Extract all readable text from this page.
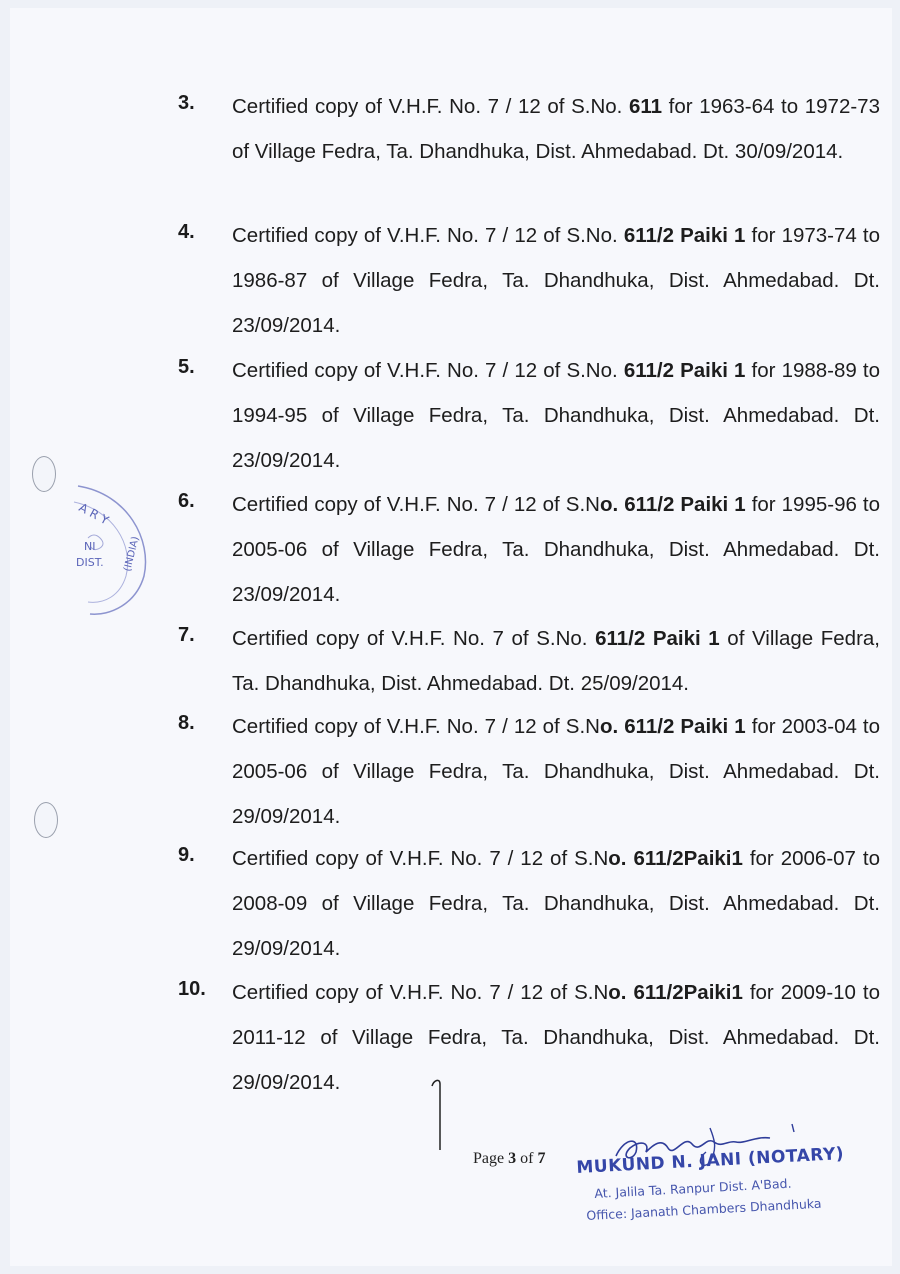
A R Y
NI
DIST. (INDIA)
3. Certified copy of V.H.F. No. 7 / 12 of S.No. 611 for 1963-64 to 1972-73 of Village Fedra, Ta. Dhandhuka, Dist. Ahmedabad. Dt. 30/09/2014.

4. Certified copy of V.H.F. No. 7 / 12 of S.No. 611/2 Paiki 1 for 1973-74 to 1986-87 of Village Fedra, Ta. Dhandhuka, Dist. Ahmedabad. Dt. 23/09/2014.

5. Certified copy of V.H.F. No. 7 / 12 of S.No. 611/2 Paiki 1 for 1988-89 to 1994-95 of Village Fedra, Ta. Dhandhuka, Dist. Ahmedabad. Dt. 23/09/2014.

6. Certified copy of V.H.F. No. 7 / 12 of S.No. 611/2 Paiki 1 for 1995-96 to 2005-06 of Village Fedra, Ta. Dhandhuka, Dist. Ahmedabad. Dt. 23/09/2014.

7. Certified copy of V.H.F. No. 7 of S.No. 611/2 Paiki 1 of Village Fedra, Ta. Dhandhuka, Dist. Ahmedabad. Dt. 25/09/2014.

8. Certified copy of V.H.F. No. 7 / 12 of S.No. 611/2 Paiki 1 for 2003-04 to 2005-06 of Village Fedra, Ta. Dhandhuka, Dist. Ahmedabad. Dt. 29/09/2014.

9. Certified copy of V.H.F. No. 7 / 12 of S.No. 611/2Paiki1 for 2006-07 to 2008-09 of Village Fedra, Ta. Dhandhuka, Dist. Ahmedabad. Dt. 29/09/2014.

10. Certified copy of V.H.F. No. 7 / 12 of S.No. 611/2Paiki1 for 2009-10 to 2011-12 of Village Fedra, Ta. Dhandhuka, Dist. Ahmedabad. Dt. 29/09/2014.

Page 3 of 7 MUKUND N. JANI (NOTARY)
At. Jalila Ta. Ranpur Dist. A'Bad.
Office: Jaanath Chambers Dhandhuka
